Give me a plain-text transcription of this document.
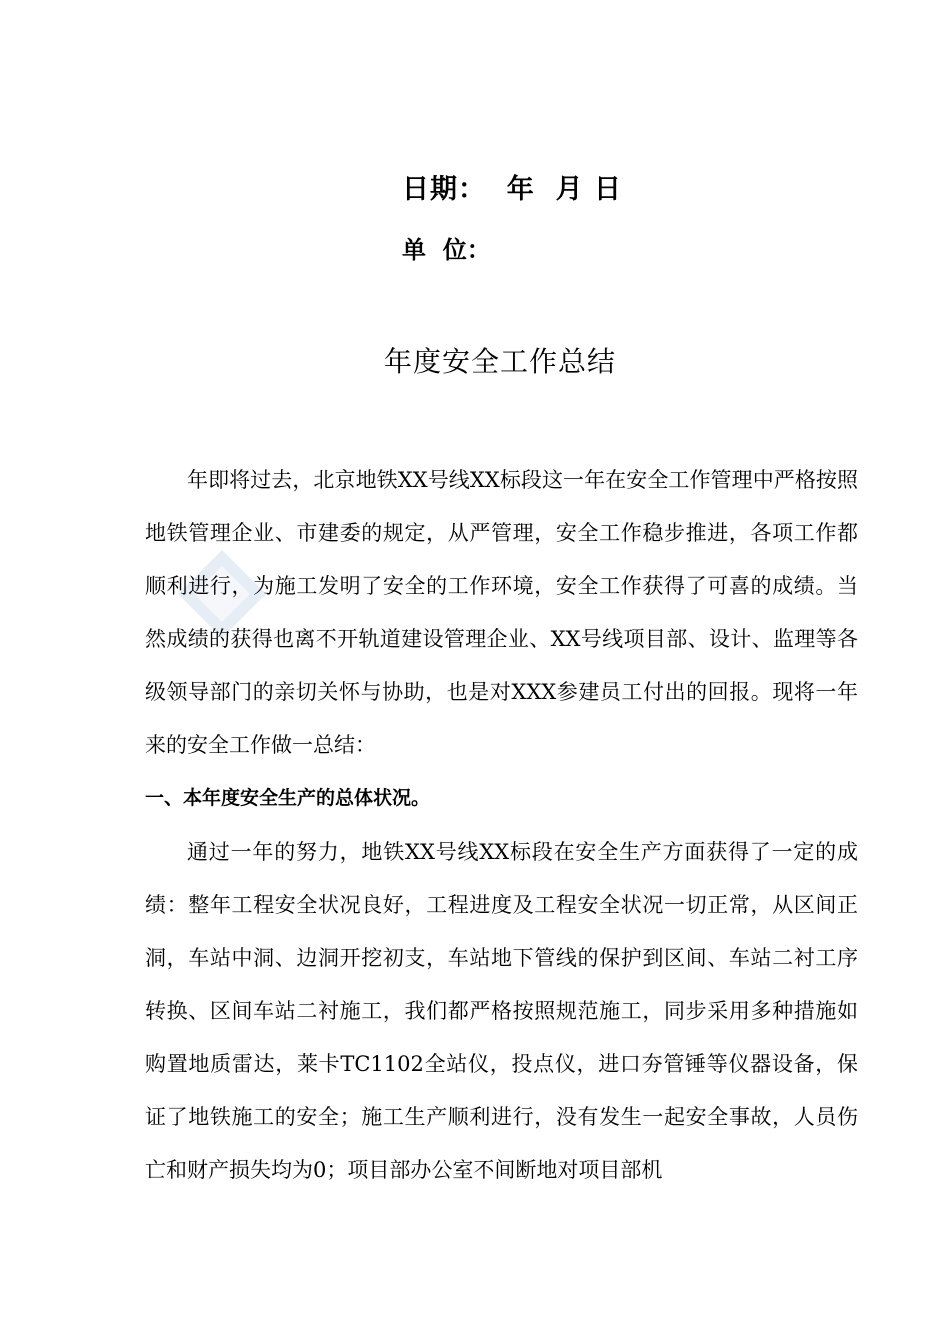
日期：  年  月 日
单  位：
年度安全工作总结

年即将过去，北京地铁XX号线XX标段这一年在安全工作管理中严格按照地铁管理企业、市建委的规定，从严管理，安全工作稳步推进，各项工作都顺利进行，为施工发明了安全的工作环境，安全工作获得了可喜的成绩。当然成绩的获得也离不开轨道建设管理企业、XX号线项目部、设计、监理等各级领导部门的亲切关怀与协助，也是对XXX参建员工付出的回报。现将一年来的安全工作做一总结：

一、本年度安全生产的总体状况。

通过一年的努力，地铁XX号线XX标段在安全生产方面获得了一定的成绩：整年工程安全状况良好，工程进度及工程安全状况一切正常，从区间正洞，车站中洞、边洞开挖初支，车站地下管线的保护到区间、车站二衬工序转换、区间车站二衬施工，我们都严格按照规范施工，同步采用多种措施如购置地质雷达，莱卡TC1102全站仪，投点仪，进口夯管锤等仪器设备，保证了地铁施工的安全；施工生产顺利进行，没有发生一起安全事故，人员伤亡和财产损失均为0；项目部办公室不间断地对项目部机
